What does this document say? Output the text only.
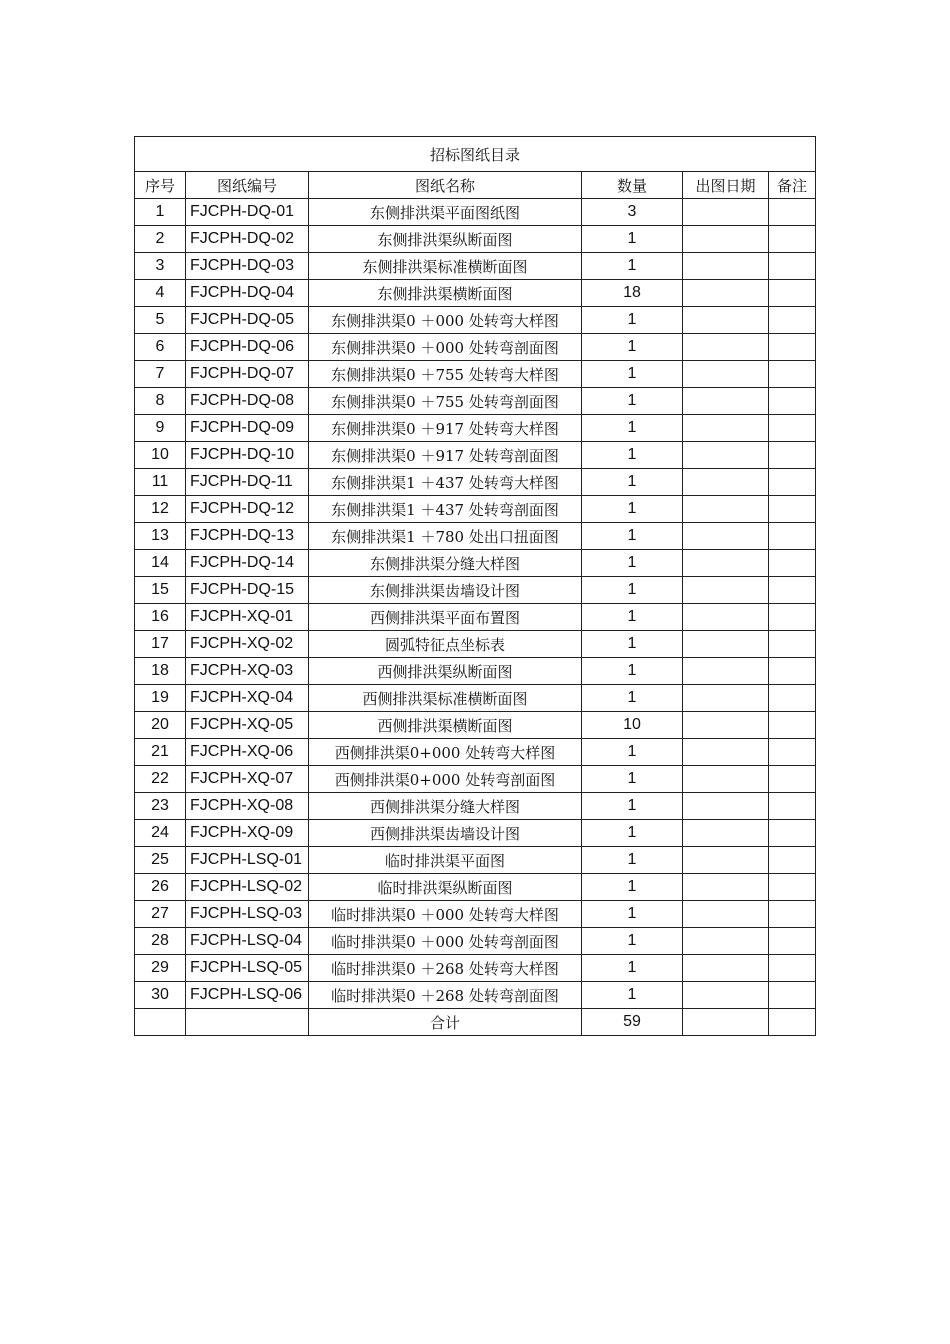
招标图纸目录					
序号	图纸编号	图纸名称	数量	出图日期	备注
1	FJCPH-DQ-01	东侧排洪渠平面图纸图	3		
2	FJCPH-DQ-02	东侧排洪渠纵断面图	1		
3	FJCPH-DQ-03	东侧排洪渠标准横断面图	1		
4	FJCPH-DQ-04	东侧排洪渠横断面图	18		
5	FJCPH-DQ-05	东侧排洪渠0 ＋000 处转弯大样图	1		
6	FJCPH-DQ-06	东侧排洪渠0 ＋000 处转弯剖面图	1		
7	FJCPH-DQ-07	东侧排洪渠0 ＋755 处转弯大样图	1		
8	FJCPH-DQ-08	东侧排洪渠0 ＋755 处转弯剖面图	1		
9	FJCPH-DQ-09	东侧排洪渠0 ＋917 处转弯大样图	1		
10	FJCPH-DQ-10	东侧排洪渠0 ＋917 处转弯剖面图	1		
11	FJCPH-DQ-11	东侧排洪渠1 ＋437 处转弯大样图	1		
12	FJCPH-DQ-12	东侧排洪渠1 ＋437 处转弯剖面图	1		
13	FJCPH-DQ-13	东侧排洪渠1 ＋780 处出口扭面图	1		
14	FJCPH-DQ-14	东侧排洪渠分缝大样图	1		
15	FJCPH-DQ-15	东侧排洪渠齿墙设计图	1		
16	FJCPH-XQ-01	西侧排洪渠平面布置图	1		
17	FJCPH-XQ-02	圆弧特征点坐标表	1		
18	FJCPH-XQ-03	西侧排洪渠纵断面图	1		
19	FJCPH-XQ-04	西侧排洪渠标准横断面图	1		
20	FJCPH-XQ-05	西侧排洪渠横断面图	10		
21	FJCPH-XQ-06	西侧排洪渠0+000 处转弯大样图	1		
22	FJCPH-XQ-07	西侧排洪渠0+000 处转弯剖面图	1		
23	FJCPH-XQ-08	西侧排洪渠分缝大样图	1		
24	FJCPH-XQ-09	西侧排洪渠齿墙设计图	1		
25	FJCPH-LSQ-01	临时排洪渠平面图	1		
26	FJCPH-LSQ-02	临时排洪渠纵断面图	1		
27	FJCPH-LSQ-03	临时排洪渠0 ＋000 处转弯大样图	1		
28	FJCPH-LSQ-04	临时排洪渠0 ＋000 处转弯剖面图	1		
29	FJCPH-LSQ-05	临时排洪渠0 ＋268 处转弯大样图	1		
30	FJCPH-LSQ-06	临时排洪渠0 ＋268 处转弯剖面图	1		
		合计	59		
